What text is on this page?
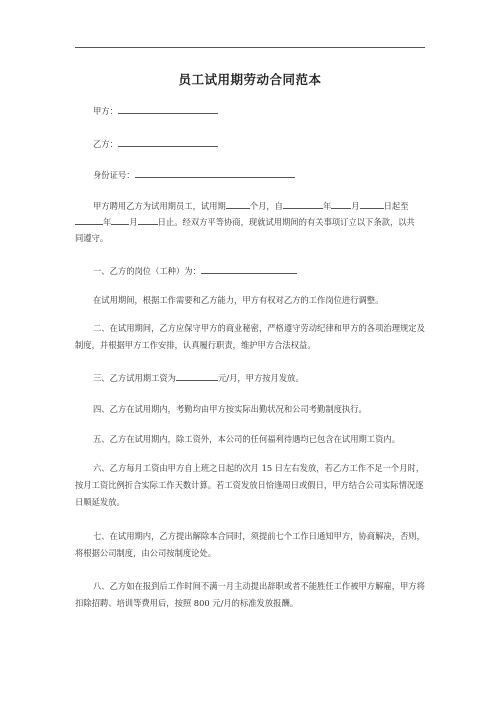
员工试用期劳动合同范本
甲方：
乙方：
身份证号：
甲方聘用乙方为试用期员工，试用期	个月，自	年 月	日起至
年 月 日止。经双方平等协商，现就试用期间的有关事项订立以下条款，以共
同遵守。
一、乙方的岗位（工种）为：
在试用期间，根据工作需要和乙方能力，甲方有权对乙方的工作岗位进行调整。
二、在试用期间，乙方应保守甲方的商业秘密，严格遵守劳动纪律和甲方的各项治理规定及
制度，并根据甲方工作安排，认真履行职责，维护甲方合法权益。
三、乙方试用期工资为	元/月，甲方按月发放。
四、乙方在试用期内，考勤均由甲方按实际出勤状况和公司考勤制度执行。
五、乙方在试用期内，除工资外，本公司的任何福利待遇均已包含在试用期工资内。
六、乙方每月工资由甲方自上班之日起的次月 15 日左右发放，若乙方工作不足一个月时，
按月工资比例折合实际工作天数计算。若工资发放日恰逢周日或假日，甲方结合公司实际情况逐
日顺延发放。
七、在试用期内，乙方提出解除本合同时，须提前七个工作日通知甲方，协商解决，否则，
将根据公司制度，由公司按制度论处。
八、乙方如在报到后工作时间不满一月主动提出辞职或者不能胜任工作被甲方解雇，甲方将
扣除招聘、培训等费用后，按照 800 元/月的标准发放报酬。
